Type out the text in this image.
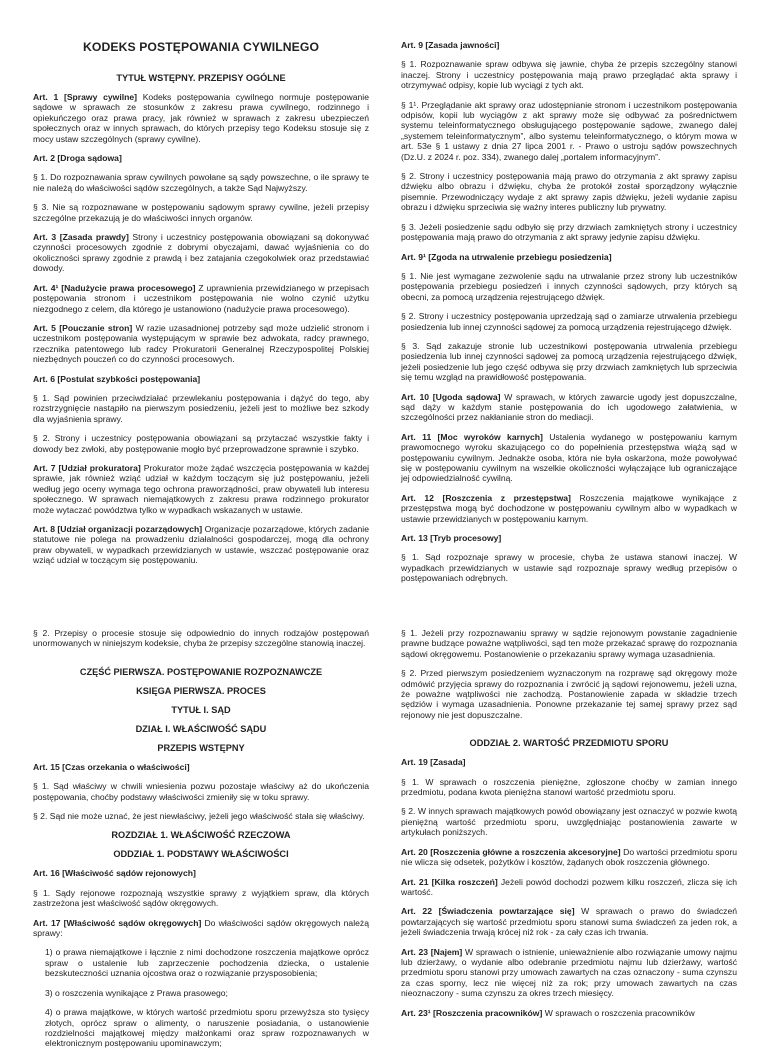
KODEKS POSTĘPOWANIA CYWILNEGO
TYTUŁ WSTĘPNY. PRZEPISY OGÓLNE

Art. 1 [Sprawy cywilne] Kodeks postępowania cywilnego normuje postępowanie sądowe w sprawach ze stosunków z zakresu prawa cywilnego, rodzinnego i opiekuńczego oraz prawa pracy, jak również w sprawach z zakresu ubezpieczeń społecznych oraz w innych sprawach, do których przepisy tego Kodeksu stosuje się z mocy ustaw szczególnych (sprawy cywilne).

Art. 2 [Droga sądowa]

§ 1. Do rozpoznawania spraw cywilnych powołane są sądy powszechne, o ile sprawy te nie należą do właściwości sądów szczególnych, a także Sąd Najwyższy.

§ 3. Nie są rozpoznawane w postępowaniu sądowym sprawy cywilne, jeżeli przepisy szczególne przekazują je do właściwości innych organów.

Art. 3 [Zasada prawdy] Strony i uczestnicy postępowania obowiązani są dokonywać czynności procesowych zgodnie z dobrymi obyczajami, dawać wyjaśnienia co do okoliczności sprawy zgodnie z prawdą i bez zatajania czegokolwiek oraz przedstawiać dowody.

Art. 4¹ [Nadużycie prawa procesowego] Z uprawnienia przewidzianego w przepisach postępowania stronom i uczestnikom postępowania nie wolno czynić użytku niezgodnego z celem, dla którego je ustanowiono (nadużycie prawa procesowego).

Art. 5 [Pouczanie stron] W razie uzasadnionej potrzeby sąd może udzielić stronom i uczestnikom postępowania występującym w sprawie bez adwokata, radcy prawnego, rzecznika patentowego lub radcy Prokuratorii Generalnej Rzeczypospolitej Polskiej niezbędnych pouczeń co do czynności procesowych.

Art. 6 [Postulat szybkości postępowania]

§ 1. Sąd powinien przeciwdziałać przewlekaniu postępowania i dążyć do tego, aby rozstrzygnięcie nastąpiło na pierwszym posiedzeniu, jeżeli jest to możliwe bez szkody dla wyjaśnienia sprawy.

§ 2. Strony i uczestnicy postępowania obowiązani są przytaczać wszystkie fakty i dowody bez zwłoki, aby postępowanie mogło być przeprowadzone sprawnie i szybko.

Art. 7 [Udział prokuratora] Prokurator może żądać wszczęcia postępowania w każdej sprawie, jak również wziąć udział w każdym toczącym się już postępowaniu, jeżeli według jego oceny wymaga tego ochrona praworządności, praw obywateli lub interesu społecznego. W sprawach niemajątkowych z zakresu prawa rodzinnego prokurator może wytaczać powództwa tylko w wypadkach wskazanych w ustawie.

Art. 8 [Udział organizacji pozarządowych] Organizacje pozarządowe, których zadanie statutowe nie polega na prowadzeniu działalności gospodarczej, mogą dla ochrony praw obywateli, w wypadkach przewidzianych w ustawie, wszczać postępowanie oraz wziąć udział w toczącym się postępowaniu.

Art. 9 [Zasada jawności]

§ 1. Rozpoznawanie spraw odbywa się jawnie, chyba że przepis szczególny stanowi inaczej. Strony i uczestnicy postępowania mają prawo przeglądać akta sprawy i otrzymywać odpisy, kopie lub wyciągi z tych akt.

§ 1¹. Przeglądanie akt sprawy oraz udostępnianie stronom i uczestnikom postępowania odpisów, kopii lub wyciągów z akt sprawy może się odbywać za pośrednictwem systemu teleinformatycznego obsługującego postępowanie sądowe, zwanego dalej „systemem teleinformatycznym”, albo systemu teleinformatycznego, o którym mowa w art. 53e § 1 ustawy z dnia 27 lipca 2001 r. - Prawo o ustroju sądów powszechnych (Dz.U. z 2024 r. poz. 334), zwanego dalej „portalem informacyjnym”.

§ 2. Strony i uczestnicy postępowania mają prawo do otrzymania z akt sprawy zapisu dźwięku albo obrazu i dźwięku, chyba że protokół został sporządzony wyłącznie pisemnie. Przewodniczący wydaje z akt sprawy zapis dźwięku, jeżeli wydanie zapisu obrazu i dźwięku sprzeciwia się ważny interes publiczny lub prywatny.

§ 3. Jeżeli posiedzenie sądu odbyło się przy drzwiach zamkniętych strony i uczestnicy postępowania mają prawo do otrzymania z akt sprawy jedynie zapisu dźwięku.

Art. 9¹ [Zgoda na utrwalenie przebiegu posiedzenia]

§ 1. Nie jest wymagane zezwolenie sądu na utrwalanie przez strony lub uczestników postępowania przebiegu posiedzeń i innych czynności sądowych, przy których są obecni, za pomocą urządzenia rejestrującego dźwięk.

§ 2. Strony i uczestnicy postępowania uprzedzają sąd o zamiarze utrwalenia przebiegu posiedzenia lub innej czynności sądowej za pomocą urządzenia rejestrującego dźwięk.

§ 3. Sąd zakazuje stronie lub uczestnikowi postępowania utrwalenia przebiegu posiedzenia lub innej czynności sądowej za pomocą urządzenia rejestrującego dźwięk, jeżeli posiedzenie lub jego część odbywa się przy drzwiach zamkniętych lub sprzeciwia się temu wzgląd na prawidłowość postępowania.

Art. 10 [Ugoda sądowa] W sprawach, w których zawarcie ugody jest dopuszczalne, sąd dąży w każdym stanie postępowania do ich ugodowego załatwienia, w szczególności przez nakłanianie stron do mediacji.

Art. 11 [Moc wyroków karnych] Ustalenia wydanego w postępowaniu karnym prawomocnego wyroku skazującego co do popełnienia przestępstwa wiążą sąd w postępowaniu cywilnym. Jednakże osoba, która nie była oskarżona, może powoływać się w postępowaniu cywilnym na wszelkie okoliczności wyłączające lub ograniczające jej odpowiedzialność cywilną.

Art. 12 [Roszczenia z przestępstwa] Roszczenia majątkowe wynikające z przestępstwa mogą być dochodzone w postępowaniu cywilnym albo w wypadkach w ustawie przewidzianych w postępowaniu karnym.

Art. 13 [Tryb procesowy]

§ 1. Sąd rozpoznaje sprawy w procesie, chyba że ustawa stanowi inaczej. W wypadkach przewidzianych w ustawie sąd rozpoznaje sprawy według przepisów o postępowaniach odrębnych.

§ 2. Przepisy o procesie stosuje się odpowiednio do innych rodzajów postępowań unormowanych w niniejszym kodeksie, chyba że przepisy szczególne stanowią inaczej.

CZĘŚĆ PIERWSZA. POSTĘPOWANIE ROZPOZNAWCZE
KSIĘGA PIERWSZA. PROCES
TYTUŁ I. SĄD
DZIAŁ I. WŁAŚCIWOŚĆ SĄDU
PRZEPIS WSTĘPNY
Art. 15 [Czas orzekania o właściwości]

§ 1. Sąd właściwy w chwili wniesienia pozwu pozostaje właściwy aż do ukończenia postępowania, choćby podstawy właściwości zmieniły się w toku sprawy.

§ 2. Sąd nie może uznać, że jest niewłaściwy, jeżeli jego właściwość stała się właściwy.

ROZDZIAŁ 1. WŁAŚCIWOŚĆ RZECZOWA
ODDZIAŁ 1. PODSTAWY WŁAŚCIWOŚCI
Art. 16 [Właściwość sądów rejonowych]

§ 1. Sądy rejonowe rozpoznają wszystkie sprawy z wyjątkiem spraw, dla których zastrzeżona jest właściwość sądów okręgowych.

Art. 17 [Właściwość sądów okręgowych] Do właściwości sądów okręgowych należą sprawy:

1) o prawa niemajątkowe i łącznie z nimi dochodzone roszczenia majątkowe oprócz spraw o ustalenie lub zaprzeczenie pochodzenia dziecka, o ustalenie bezskuteczności uznania ojcostwa oraz o rozwiązanie przysposobienia;

3) o roszczenia wynikające z Prawa prasowego;

4) o prawa majątkowe, w których wartość przedmiotu sporu przewyższa sto tysięcy złotych, oprócz spraw o alimenty, o naruszenie posiadania, o ustanowienie rozdzielności majątkowej między małżonkami oraz spraw rozpoznawanych w elektronicznym postępowaniu upominawczym;

§ 1. Jeżeli przy rozpoznawaniu sprawy w sądzie rejonowym powstanie zagadnienie prawne budzące poważne wątpliwości, sąd ten może przekazać sprawę do rozpoznania sądowi okręgowemu. Postanowienie o przekazaniu sprawy wymaga uzasadnienia.

§ 2. Przed pierwszym posiedzeniem wyznaczonym na rozprawę sąd okręgowy może odmówić przyjęcia sprawy do rozpoznania i zwrócić ją sądowi rejonowemu, jeżeli uzna, że poważne wątpliwości nie zachodzą. Postanowienie zapada w składzie trzech sędziów i wymaga uzasadnienia. Ponowne przekazanie tej samej sprawy przez sąd rejonowy nie jest dopuszczalne.

ODDZIAŁ 2. WARTOŚĆ PRZEDMIOTU SPORU
Art. 19 [Zasada]

§ 1. W sprawach o roszczenia pieniężne, zgłoszone choćby w zamian innego przedmiotu, podana kwota pieniężna stanowi wartość przedmiotu sporu.

§ 2. W innych sprawach majątkowych powód obowiązany jest oznaczyć w pozwie kwotą pieniężną wartość przedmiotu sporu, uwzględniając postanowienia zawarte w artykułach poniższych.

Art. 20 [Roszczenia główne a roszczenia akcesoryjne] Do wartości przedmiotu sporu nie wlicza się odsetek, pożytków i kosztów, żądanych obok roszczenia głównego.

Art. 21 [Kilka roszczeń] Jeżeli powód dochodzi pozwem kilku roszczeń, zlicza się ich wartość.

Art. 22 [Świadczenia powtarzające się] W sprawach o prawo do świadczeń powtarzających się wartość przedmiotu sporu stanowi suma świadczeń za jeden rok, a jeżeli świadczenia trwają krócej niż rok - za cały czas ich trwania.

Art. 23 [Najem] W sprawach o istnienie, unieważnienie albo rozwiązanie umowy najmu lub dzierżawy, o wydanie albo odebranie przedmiotu najmu lub dzierżawy, wartość przedmiotu sporu stanowi przy umowach zawartych na czas oznaczony - suma czynszu za czas sporny, lecz nie więcej niż za rok; przy umowach zawartych na czas nieoznaczony - suma czynszu za okres trzech miesięcy.

Art. 23¹ [Roszczenia pracowników] W sprawach o roszczenia pracowników
